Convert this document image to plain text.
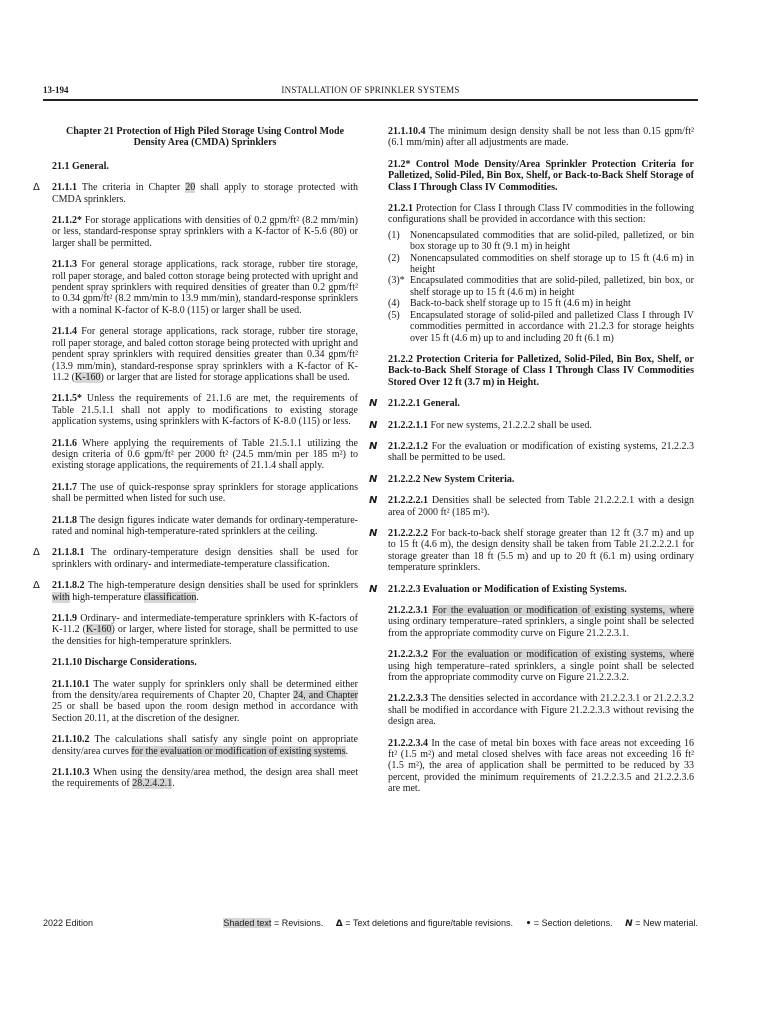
13-194	INSTALLATION OF SPRINKLER SYSTEMS
Chapter 21 Protection of High Piled Storage Using Control Mode Density Area (CMDA) Sprinklers
21.1 General.
Δ 21.1.1 The criteria in Chapter 20 shall apply to storage protected with CMDA sprinklers.
21.1.2* For storage applications with densities of 0.2 gpm/ft² (8.2 mm/min) or less, standard-response spray sprinklers with a K-factor of K-5.6 (80) or larger shall be permitted.
21.1.3 For general storage applications, rack storage, rubber tire storage, roll paper storage, and baled cotton storage being protected with upright and pendent spray sprinklers with required densities of greater than 0.2 gpm/ft² to 0.34 gpm/ft² (8.2 mm/min to 13.9 mm/min), standard-response sprinklers with a nominal K-factor of K-8.0 (115) or larger shall be used.
21.1.4 For general storage applications, rack storage, rubber tire storage, roll paper storage, and baled cotton storage being protected with upright and pendent spray sprinklers with required densities greater than 0.34 gpm/ft² (13.9 mm/min), standard-response spray sprinklers with a K-factor of K-11.2 (K-160) or larger that are listed for storage applications shall be used.
21.1.5* Unless the requirements of 21.1.6 are met, the requirements of Table 21.5.1.1 shall not apply to modifications to existing storage application systems, using sprinklers with K-factors of K-8.0 (115) or less.
21.1.6 Where applying the requirements of Table 21.5.1.1 utilizing the design criteria of 0.6 gpm/ft² per 2000 ft² (24.5 mm/min per 185 m²) to existing storage applications, the requirements of 21.1.4 shall apply.
21.1.7 The use of quick-response spray sprinklers for storage applications shall be permitted when listed for such use.
21.1.8 The design figures indicate water demands for ordinary-temperature-rated and nominal high-temperature-rated sprinklers at the ceiling.
Δ 21.1.8.1 The ordinary-temperature design densities shall be used for sprinklers with ordinary- and intermediate-temperature classification.
Δ 21.1.8.2 The high-temperature design densities shall be used for sprinklers with high-temperature classification.
21.1.9 Ordinary- and intermediate-temperature sprinklers with K-factors of K-11.2 (K-160) or larger, where listed for storage, shall be permitted to use the densities for high-temperature sprinklers.
21.1.10 Discharge Considerations.
21.1.10.1 The water supply for sprinklers only shall be determined either from the density/area requirements of Chapter 20, Chapter 24, and Chapter 25 or shall be based upon the room design method in accordance with Section 20.11, at the discretion of the designer.
21.1.10.2 The calculations shall satisfy any single point on appropriate density/area curves for the evaluation or modification of existing systems.
21.1.10.3 When using the density/area method, the design area shall meet the requirements of 28.2.4.2.1.
21.1.10.4 The minimum design density shall be not less than 0.15 gpm/ft² (6.1 mm/min) after all adjustments are made.
21.2* Control Mode Density/Area Sprinkler Protection Criteria for Palletized, Solid-Piled, Bin Box, Shelf, or Back-to-Back Shelf Storage of Class I Through Class IV Commodities.
21.2.1 Protection for Class I through Class IV commodities in the following configurations shall be provided in accordance with this section:
(1) Nonencapsulated commodities that are solid-piled, palletized, or bin box storage up to 30 ft (9.1 m) in height
(2) Nonencapsulated commodities on shelf storage up to 15 ft (4.6 m) in height
(3)* Encapsulated commodities that are solid-piled, palletized, bin box, or shelf storage up to 15 ft (4.6 m) in height
(4) Back-to-back shelf storage up to 15 ft (4.6 m) in height
(5) Encapsulated storage of solid-piled and palletized Class I through IV commodities permitted in accordance with 21.2.3 for storage heights over 15 ft (4.6 m) up to and including 20 ft (6.1 m)
21.2.2 Protection Criteria for Palletized, Solid-Piled, Bin Box, Shelf, or Back-to-Back Shelf Storage of Class I Through Class IV Commodities Stored Over 12 ft (3.7 m) in Height.
N 21.2.2.1 General.
N 21.2.2.1.1 For new systems, 21.2.2.2 shall be used.
N 21.2.2.1.2 For the evaluation or modification of existing systems, 21.2.2.3 shall be permitted to be used.
N 21.2.2.2 New System Criteria.
N 21.2.2.2.1 Densities shall be selected from Table 21.2.2.2.1 with a design area of 2000 ft² (185 m²).
N 21.2.2.2.2 For back-to-back shelf storage greater than 12 ft (3.7 m) and up to 15 ft (4.6 m), the design density shall be taken from Table 21.2.2.2.1 for storage greater than 18 ft (5.5 m) and up to 20 ft (6.1 m) using ordinary temperature sprinklers.
N 21.2.2.3 Evaluation or Modification of Existing Systems.
21.2.2.3.1 For the evaluation or modification of existing systems, where using ordinary temperature–rated sprinklers, a single point shall be selected from the appropriate commodity curve on Figure 21.2.2.3.1.
21.2.2.3.2 For the evaluation or modification of existing systems, where using high temperature–rated sprinklers, a single point shall be selected from the appropriate commodity curve on Figure 21.2.2.3.2.
21.2.2.3.3 The densities selected in accordance with 21.2.2.3.1 or 21.2.2.3.2 shall be modified in accordance with Figure 21.2.2.3.3 without revising the design area.
21.2.2.3.4 In the case of metal bin boxes with face areas not exceeding 16 ft² (1.5 m²) and metal closed shelves with face areas not exceeding 16 ft² (1.5 m²), the area of application shall be permitted to be reduced by 33 percent, provided the minimum requirements of 21.2.2.3.5 and 21.2.2.3.6 are met.
2022 Edition	Shaded text = Revisions. Δ = Text deletions and figure/table revisions. • = Section deletions. N = New material.
